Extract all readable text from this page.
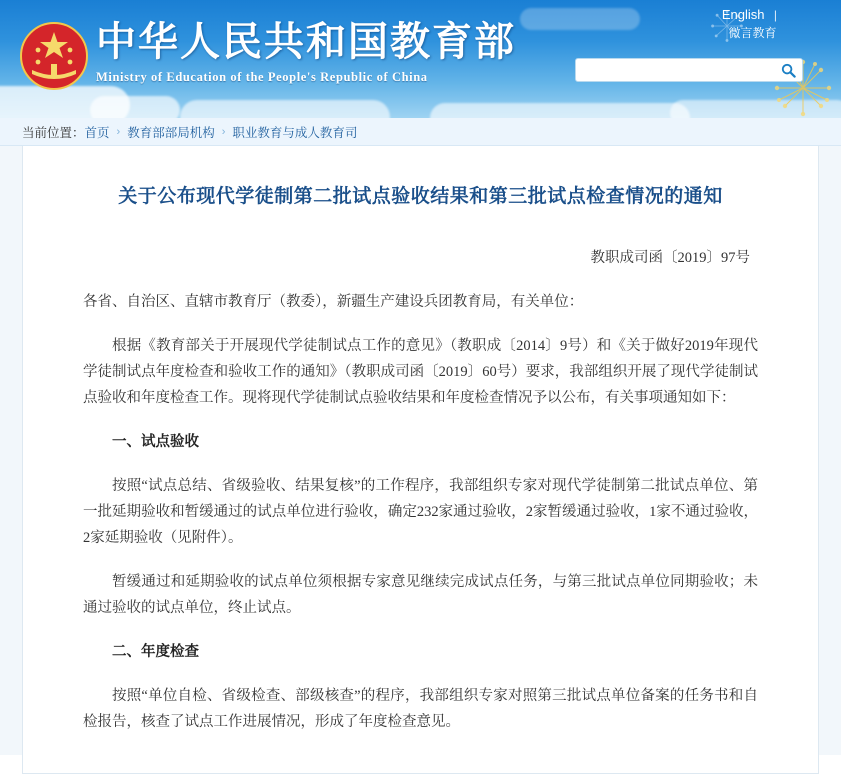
中华人民共和国教育部
Ministry of Education of the People's Republic of China
English |
微言教育
当前位置： 首页 › 教育部部局机构 › 职业教育与成人教育司
关于公布现代学徒制第二批试点验收结果和第三批试点检查情况的通知
教职成司函〔2019〕97号

各省、自治区、直辖市教育厅（教委），新疆生产建设兵团教育局，有关单位：

根据《教育部关于开展现代学徒制试点工作的意见》（教职成〔2014〕9号）和《关于做好2019年现代学徒制试点年度检查和验收工作的通知》（教职成司函〔2019〕60号）要求，我部组织开展了现代学徒制试点验收和年度检查工作。现将现代学徒制试点验收结果和年度检查情况予以公布，有关事项通知如下：

一、试点验收

按照“试点总结、省级验收、结果复核”的工作程序，我部组织专家对现代学徒制第二批试点单位、第一批延期验收和暂缓通过的试点单位进行验收，确定232家通过验收，2家暂缓通过验收，1家不通过验收，2家延期验收（见附件）。

暂缓通过和延期验收的试点单位须根据专家意见继续完成试点任务，与第三批试点单位同期验收；未通过验收的试点单位，终止试点。

二、年度检查

按照“单位自检、省级检查、部级核查”的程序，我部组织专家对照第三批试点单位备案的任务书和自检报告，核查了试点工作进展情况，形成了年度检查意见。
